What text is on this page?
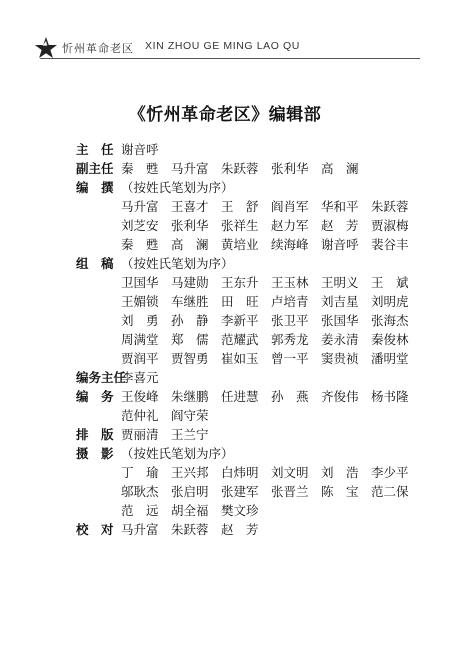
忻州革命老区 XIN ZHOU GE MING LAO QU
《忻州革命老区》编辑部
主　任 谢音呼
副主任 秦　甦 马升富 朱跃蓉 张利华 高　澜
编　撰 （按姓氏笔划为序）
马升富 王喜才 王　舒 阎肖军 华和平 朱跃蓉
刘芝安 张利华 张祥生 赵力军 赵　芳 贾淑梅
秦　甦 高　澜 黄培业 续海峰 谢音呼 裴谷丰
组　稿 （按姓氏笔划为序）
卫国华 马建勋 王东升 王玉林 王明义 王　斌
王媚锁 车继胜 田　旺 卢培青 刘吉星 刘明虎
刘　勇 孙　静 李新平 张卫平 张国华 张海杰
周满堂 郑　儒 范耀武 郭秀龙 姜永清 秦俊林
贾润平 贾智勇 崔如玉 曾一平 窦贵祯 潘明堂
编务主任
李喜元
编　务 王俊峰 朱继鹏 任进慧 孙　燕 齐俊伟 杨书隆
范仲礼 阎守荣
排　版 贾丽清　王兰宁
摄　影 （按姓氏笔划为序）
丁　瑜 王兴邦 白炜明 刘文明 刘　浩 李少平
邬耿杰 张启明 张建军 张晋兰 陈　宝 范二保
范　远 胡全福 樊文珍
校　对 马升富 朱跃蓉 赵　芳
